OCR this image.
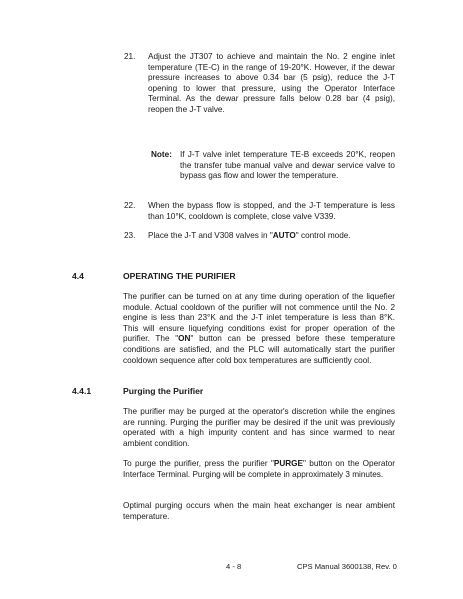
21. Adjust the JT307 to achieve and maintain the No. 2 engine inlet temperature (TE-C) in the range of 19-20°K. However, if the dewar pressure increases to above 0.34 bar (5 psig), reduce the J-T opening to lower that pressure, using the Operator Interface Terminal. As the dewar pressure falls below 0.28 bar (4 psig), reopen the J-T valve.
Note: If J-T valve inlet temperature TE-B exceeds 20°K, reopen the transfer tube manual valve and dewar service valve to bypass gas flow and lower the temperature.
22. When the bypass flow is stopped, and the J-T temperature is less than 10°K, cooldown is complete, close valve V339.
23. Place the J-T and V308 valves in "AUTO" control mode.
4.4	OPERATING THE PURIFIER
The purifier can be turned on at any time during operation of the liquefier module. Actual cooldown of the purifier will not commence until the No. 2 engine is less than 23°K and the J-T inlet temperature is less than 8°K. This will ensure liquefying conditions exist for proper operation of the purifier. The "ON" button can be pressed before these temperature conditions are satisfied, and the PLC will automatically start the purifier cooldown sequence after cold box temperatures are sufficiently cool.
4.4.1	Purging the Purifier
The purifier may be purged at the operator's discretion while the engines are running. Purging the purifier may be desired if the unit was previously operated with a high impurity content and has since warmed to near ambient condition.
To purge the purifier, press the purifier "PURGE" button on the Operator Interface Terminal. Purging will be complete in approximately 3 minutes.
Optimal purging occurs when the main heat exchanger is near ambient temperature.
4 - 8	CPS Manual 3600138, Rev. 0
